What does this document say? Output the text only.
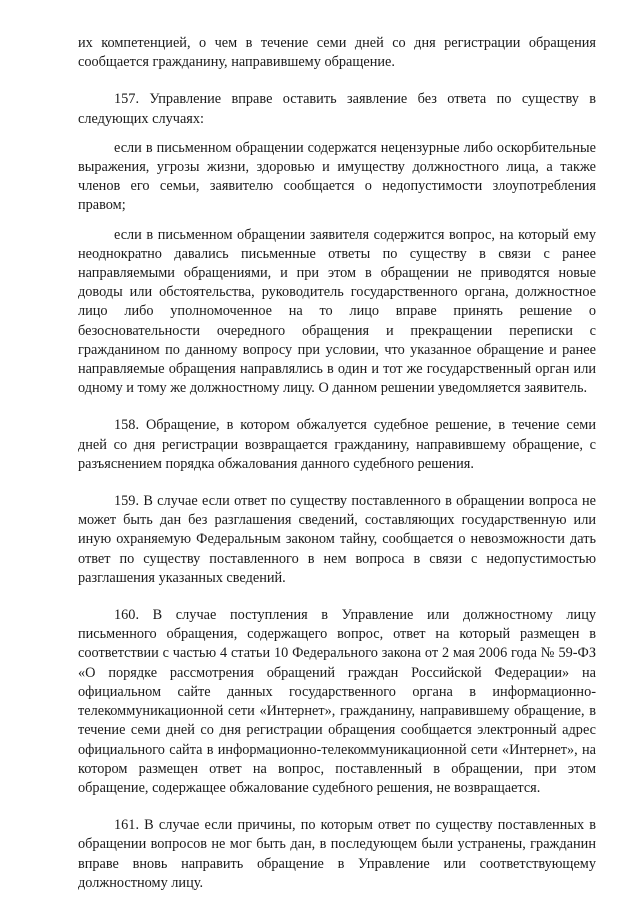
их компетенцией, о чем в течение семи дней со дня регистрации обращения сообщается гражданину, направившему обращение.

157. Управление вправе оставить заявление без ответа по существу в следующих случаях:

если в письменном обращении содержатся нецензурные либо оскорбительные выражения, угрозы жизни, здоровью и имуществу должностного лица, а также членов его семьи, заявителю сообщается о недопустимости злоупотребления правом;

если в письменном обращении заявителя содержится вопрос, на который ему неоднократно давались письменные ответы по существу в связи с ранее направляемыми обращениями, и при этом в обращении не приводятся новые доводы или обстоятельства, руководитель государственного органа, должностное лицо либо уполномоченное на то лицо вправе принять решение о безосновательности очередного обращения и прекращении переписки с гражданином по данному вопросу при условии, что указанное обращение и ранее направляемые обращения направлялись в один и тот же государственный орган или одному и тому же должностному лицу. О данном решении уведомляется заявитель.

158. Обращение, в котором обжалуется судебное решение, в течение семи дней со дня регистрации возвращается гражданину, направившему обращение, с разъяснением порядка обжалования данного судебного решения.

159. В случае если ответ по существу поставленного в обращении вопроса не может быть дан без разглашения сведений, составляющих государственную или иную охраняемую Федеральным законом тайну, сообщается о невозможности дать ответ по существу поставленного в нем вопроса в связи с недопустимостью разглашения указанных сведений.

160. В случае поступления в Управление или должностному лицу письменного обращения, содержащего вопрос, ответ на который размещен в соответствии с частью 4 статьи 10 Федерального закона от 2 мая 2006 года № 59-ФЗ «О порядке рассмотрения обращений граждан Российской Федерации» на официальном сайте данных государственного органа в информационно-телекоммуникационной сети «Интернет», гражданину, направившему обращение, в течение семи дней со дня регистрации обращения сообщается электронный адрес официального сайта в информационно-телекоммуникационной сети «Интернет», на котором размещен ответ на вопрос, поставленный в обращении, при этом обращение, содержащее обжалование судебного решения, не возвращается.

161. В случае если причины, по которым ответ по существу поставленных в обращении вопросов не мог быть дан, в последующем были устранены, гражданин вправе вновь направить обращение в Управление или соответствующему должностному лицу.
